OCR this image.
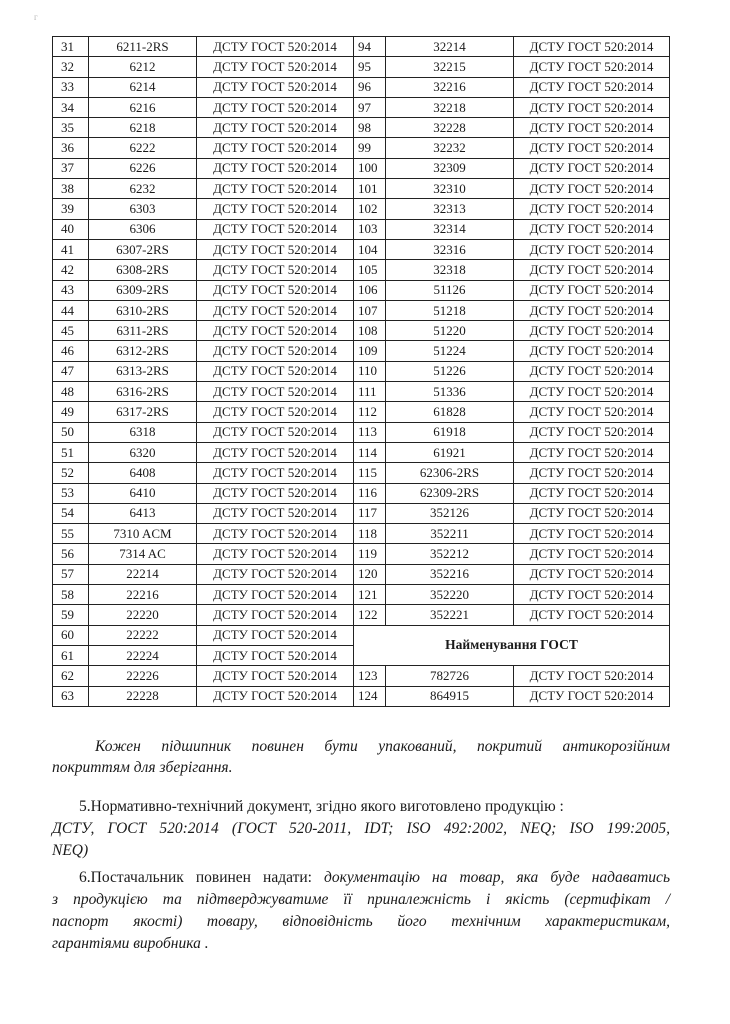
г
31	6211-2RS	ДСТУ ГОСТ 520:2014	94	32214	ДСТУ ГОСТ 520:2014
32	6212	ДСТУ ГОСТ 520:2014	95	32215	ДСТУ ГОСТ 520:2014
33	6214	ДСТУ ГОСТ 520:2014	96	32216	ДСТУ ГОСТ 520:2014
34	6216	ДСТУ ГОСТ 520:2014	97	32218	ДСТУ ГОСТ 520:2014
35	6218	ДСТУ ГОСТ 520:2014	98	32228	ДСТУ ГОСТ 520:2014
36	6222	ДСТУ ГОСТ 520:2014	99	32232	ДСТУ ГОСТ 520:2014
37	6226	ДСТУ ГОСТ 520:2014	100	32309	ДСТУ ГОСТ 520:2014
38	6232	ДСТУ ГОСТ 520:2014	101	32310	ДСТУ ГОСТ 520:2014
39	6303	ДСТУ ГОСТ 520:2014	102	32313	ДСТУ ГОСТ 520:2014
40	6306	ДСТУ ГОСТ 520:2014	103	32314	ДСТУ ГОСТ 520:2014
41	6307-2RS	ДСТУ ГОСТ 520:2014	104	32316	ДСТУ ГОСТ 520:2014
42	6308-2RS	ДСТУ ГОСТ 520:2014	105	32318	ДСТУ ГОСТ 520:2014
43	6309-2RS	ДСТУ ГОСТ 520:2014	106	51126	ДСТУ ГОСТ 520:2014
44	6310-2RS	ДСТУ ГОСТ 520:2014	107	51218	ДСТУ ГОСТ 520:2014
45	6311-2RS	ДСТУ ГОСТ 520:2014	108	51220	ДСТУ ГОСТ 520:2014
46	6312-2RS	ДСТУ ГОСТ 520:2014	109	51224	ДСТУ ГОСТ 520:2014
47	6313-2RS	ДСТУ ГОСТ 520:2014	110	51226	ДСТУ ГОСТ 520:2014
48	6316-2RS	ДСТУ ГОСТ 520:2014	111	51336	ДСТУ ГОСТ 520:2014
49	6317-2RS	ДСТУ ГОСТ 520:2014	112	61828	ДСТУ ГОСТ 520:2014
50	6318	ДСТУ ГОСТ 520:2014	113	61918	ДСТУ ГОСТ 520:2014
51	6320	ДСТУ ГОСТ 520:2014	114	61921	ДСТУ ГОСТ 520:2014
52	6408	ДСТУ ГОСТ 520:2014	115	62306-2RS	ДСТУ ГОСТ 520:2014
53	6410	ДСТУ ГОСТ 520:2014	116	62309-2RS	ДСТУ ГОСТ 520:2014
54	6413	ДСТУ ГОСТ 520:2014	117	352126	ДСТУ ГОСТ 520:2014
55	7310 ACM	ДСТУ ГОСТ 520:2014	118	352211	ДСТУ ГОСТ 520:2014
56	7314 AC	ДСТУ ГОСТ 520:2014	119	352212	ДСТУ ГОСТ 520:2014
57	22214	ДСТУ ГОСТ 520:2014	120	352216	ДСТУ ГОСТ 520:2014
58	22216	ДСТУ ГОСТ 520:2014	121	352220	ДСТУ ГОСТ 520:2014
59	22220	ДСТУ ГОСТ 520:2014	122	352221	ДСТУ ГОСТ 520:2014
60	22222	ДСТУ ГОСТ 520:2014	Найменування ГОСТ		
61	22224	ДСТУ ГОСТ 520:2014			
62	22226	ДСТУ ГОСТ 520:2014	123	782726	ДСТУ ГОСТ 520:2014
63	22228	ДСТУ ГОСТ 520:2014	124	864915	ДСТУ ГОСТ 520:2014

Кожен підшипник повинен бути упакований, покритий антикорозійним

покриттям для зберігання.

5.Нормативно-технічний документ, згідно якого виготовлено продукцію :

ДСТУ, ГОСТ 520:2014 (ГОСТ 520-2011, IDT; ISO 492:2002, NEQ; ISO 199:2005,

NEQ)

6.Постачальник повинен надати: документацію на товар, яка буде надаватись

з продукцією та підтверджуватиме її приналежність і якість (сертифікат /

паспорт якості) товару, відповідність його технічним характеристикам,

гарантіями виробника .
